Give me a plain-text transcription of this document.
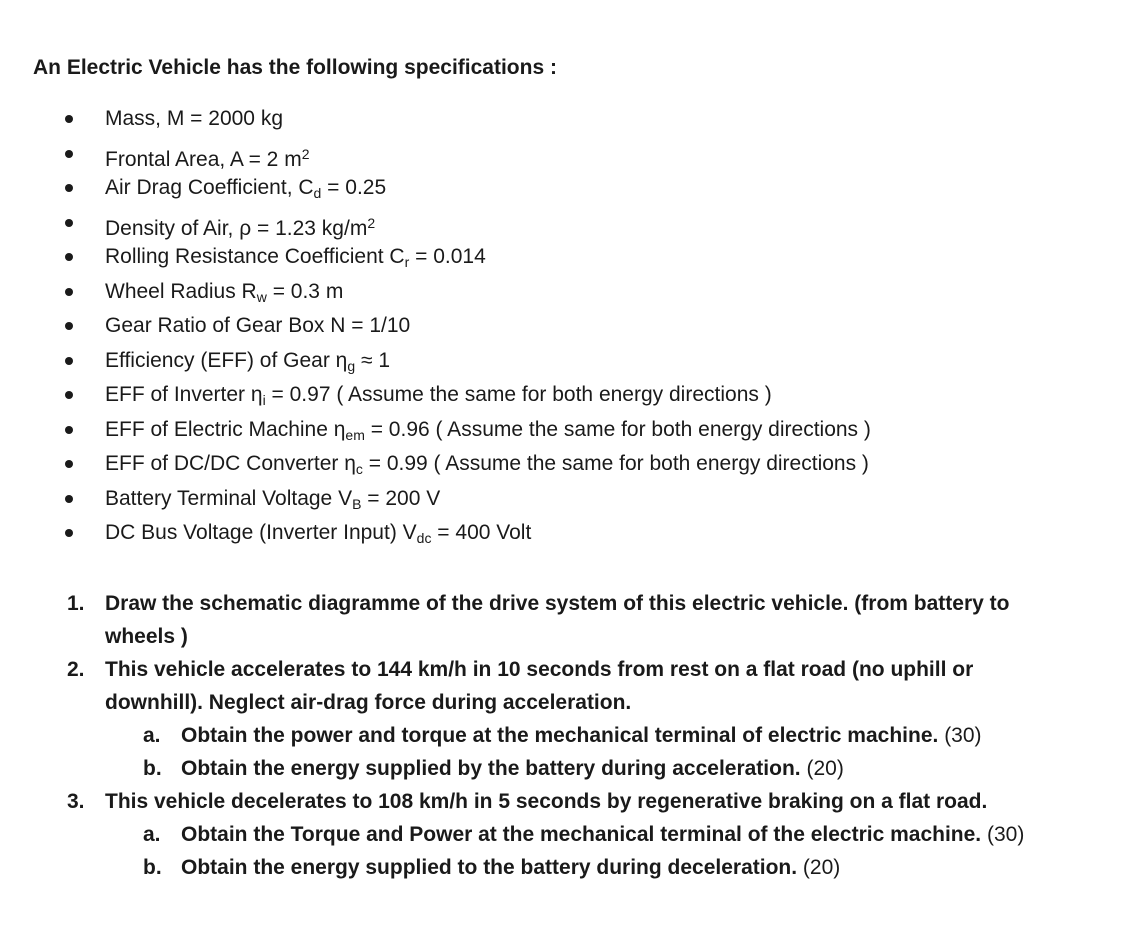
An Electric Vehicle has the following specifications :
Mass, M = 2000 kg
Frontal Area, A = 2 $m^2$
Air Drag Coefficient, $C_d = 0.25$
Density of Air, ρ = 1.23 $kg/m^2$
Rolling Resistance Coefficient $C_r = 0.014$
Wheel Radius $R_w = 0.3$ m
Gear Ratio of Gear Box N = 1/10
Efficiency (EFF) of Gear $\eta_g \approx 1$
EFF of Inverter $\eta_i = 0.97$ ( Assume the same for both energy directions )
EFF of Electric Machine $\eta_{em} = 0.96$ ( Assume the same for both energy directions )
EFF of DC/DC Converter $\eta_c = 0.99$ ( Assume the same for both energy directions )
Battery Terminal Voltage $V_B = 200$ V
DC Bus Voltage (Inverter Input) $V_{dc} = 400$ Volt
1. Draw the schematic diagramme of the drive system of this electric vehicle. (from battery to wheels )
2. This vehicle accelerates to 144 km/h in 10 seconds from rest on a flat road (no uphill or downhill). Neglect air-drag force during acceleration.
a. Obtain the power and torque at the mechanical terminal of electric machine. (30)
b. Obtain the energy supplied by the battery during acceleration. (20)
3. This vehicle decelerates to 108 km/h in 5 seconds by regenerative braking on a flat road.
a. Obtain the Torque and Power at the mechanical terminal of the electric machine. (30)
b. Obtain the energy supplied to the battery during deceleration. (20)
